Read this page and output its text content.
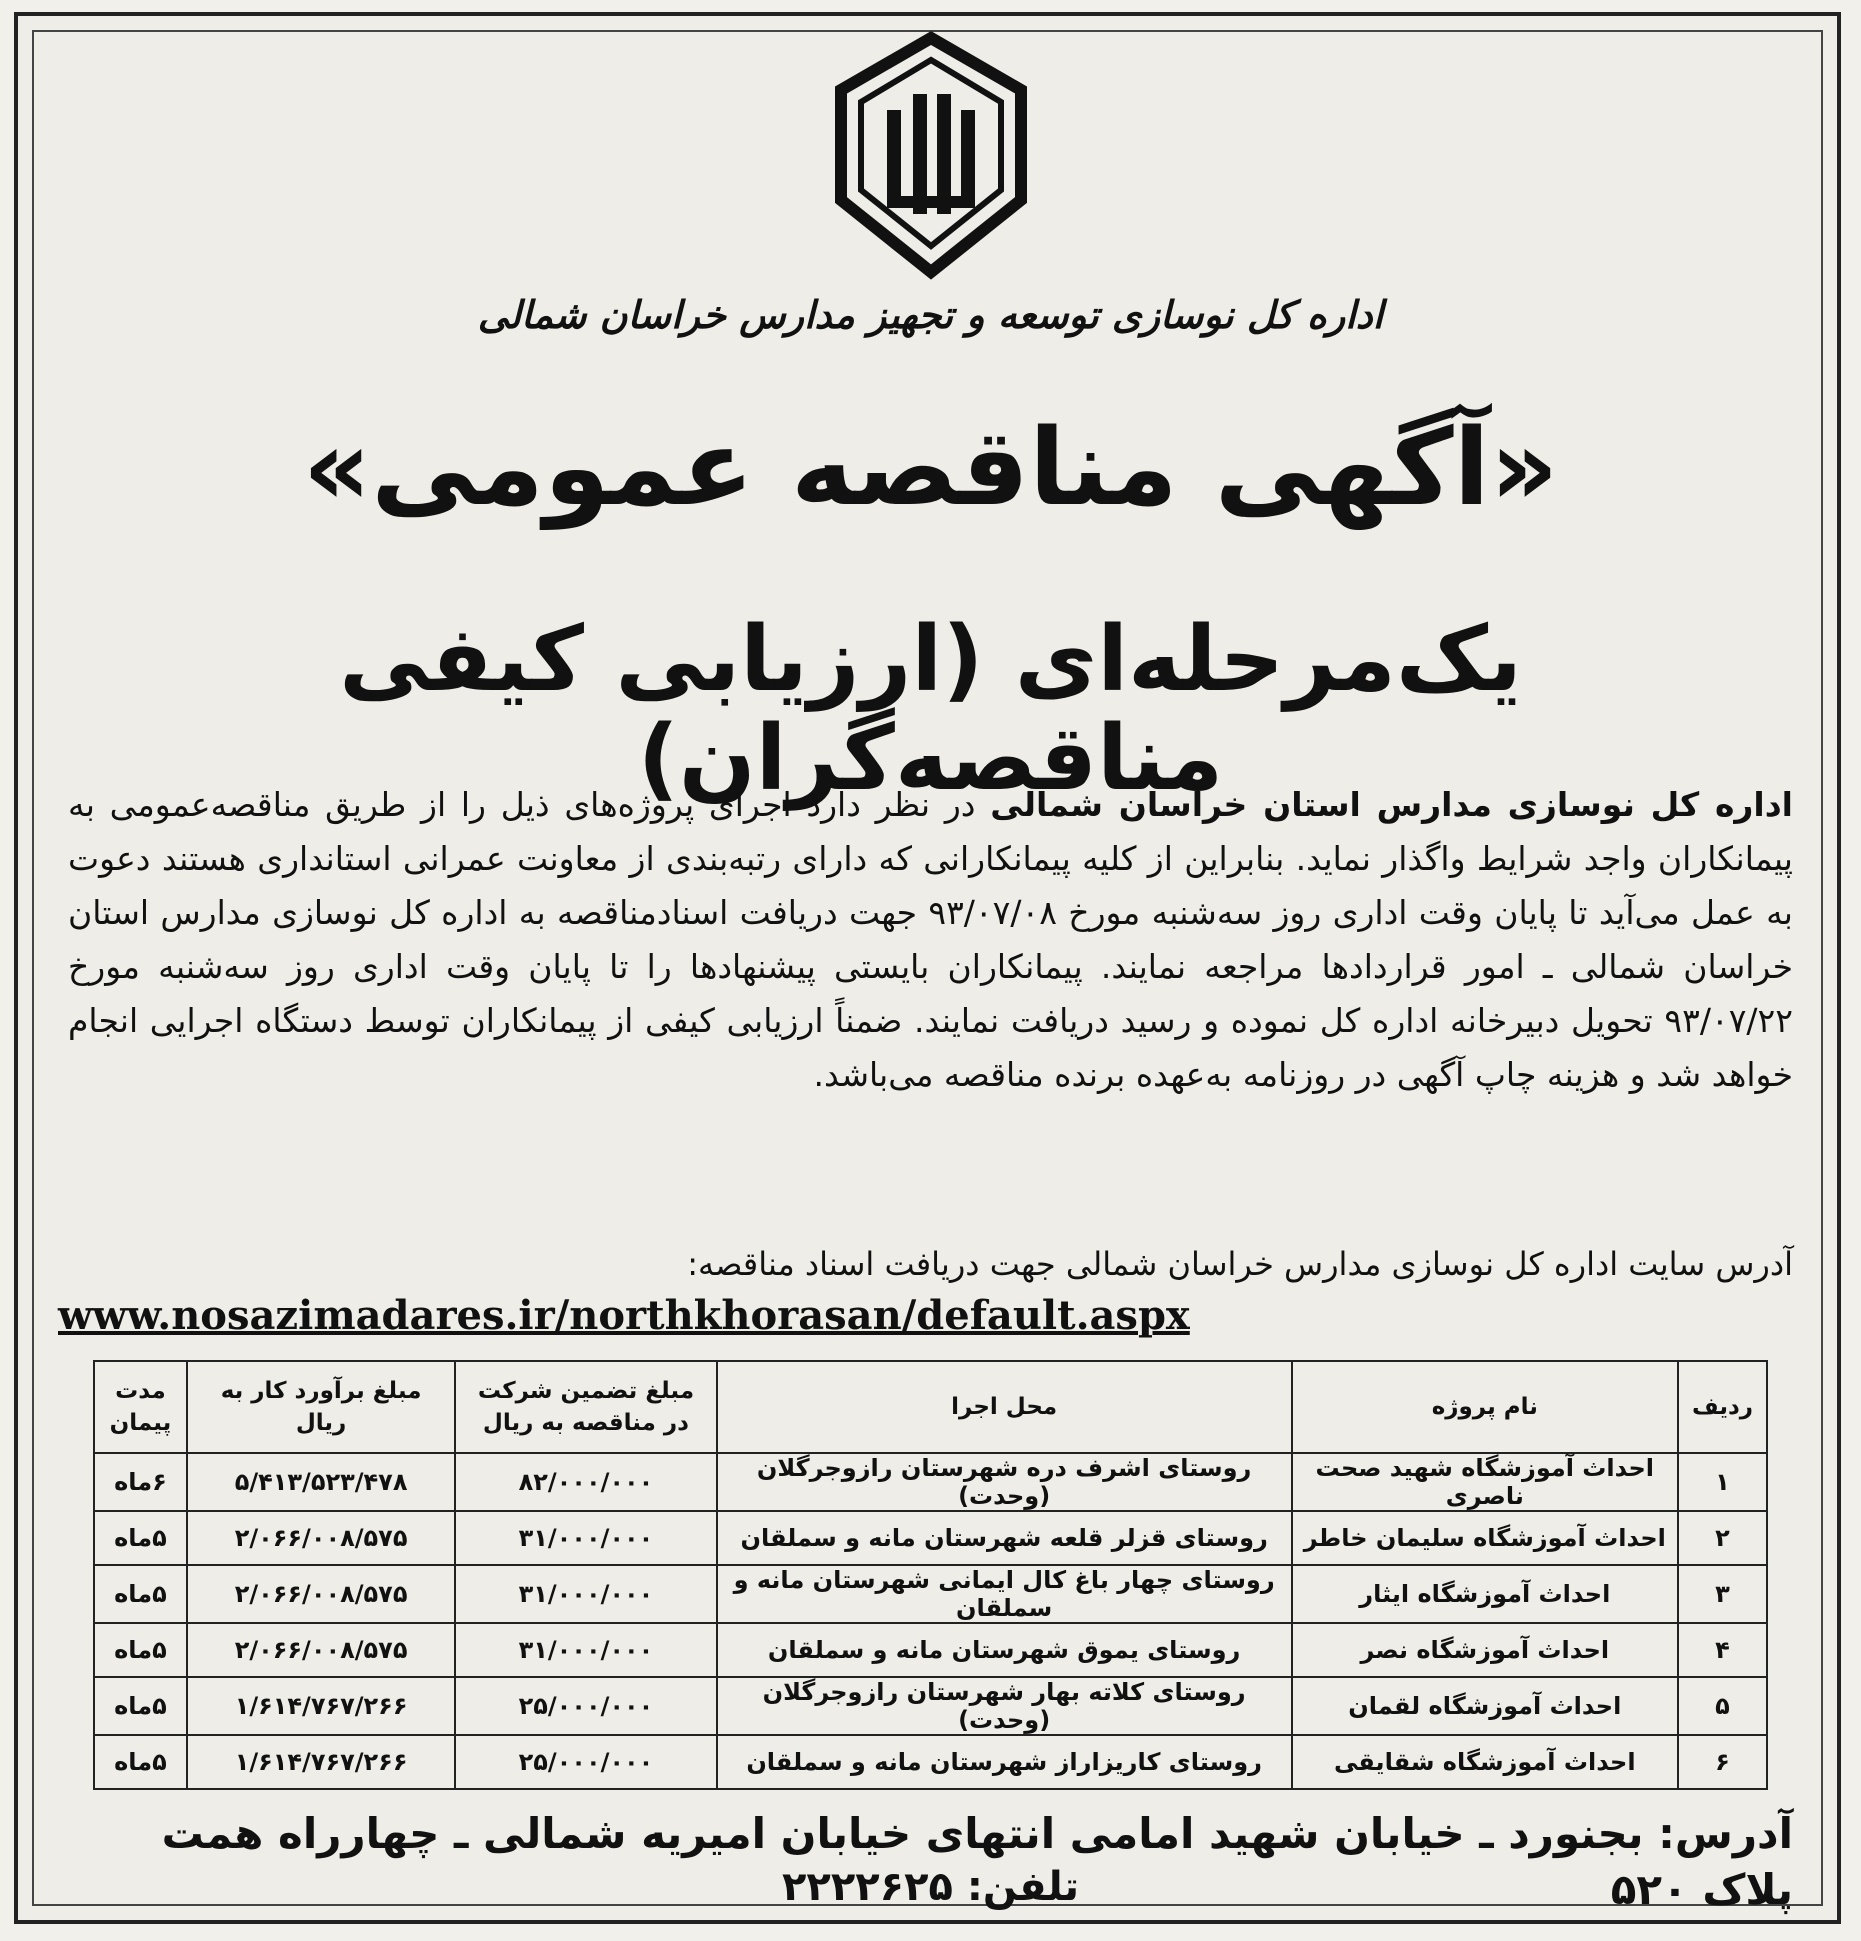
اداره کل نوسازی توسعه و تجهیز مدارس خراسان شمالی
«آگهی مناقصه عمومی»
یک‌مرحله‌ای (ارزیابی کیفی مناقصه‌گران)
اداره کل نوسازی مدارس استان خراسان شمالی در نظر دارد اجرای پروژه‌های ذیل را از طریق مناقصه‌عمومی به پیمانکاران واجد شرایط واگذار نماید. بنابراین از کلیه پیمانکارانی که دارای رتبه‌بندی از معاونت عمرانی استانداری هستند دعوت به عمل می‌آید تا پایان وقت اداری روز سه‌شنبه مورخ ۹۳/۰۷/۰۸ جهت دریافت اسنادمناقصه به اداره کل نوسازی مدارس استان خراسان شمالی ـ امور قراردادها مراجعه نمایند. پیمانکاران بایستی پیشنهادها را تا پایان وقت اداری روز سه‌شنبه مورخ ۹۳/۰۷/۲۲ تحویل دبیرخانه اداره کل نموده و رسید دریافت نمایند. ضمناً ارزیابی کیفی از پیمانکاران توسط دستگاه اجرایی انجام خواهد شد و هزینه چاپ آگهی در روزنامه به‌عهده برنده مناقصه می‌باشد.
آدرس سایت اداره کل نوسازی مدارس خراسان شمالی جهت دریافت اسناد مناقصه:
www.nosazimadares.ir/northkhorasan/default.aspx
ردیف	نام پروژه	محل اجرا	مبلغ تضمین شرکت در مناقصه به ریال	مبلغ برآورد کار به ریال	مدت پیمان
۱	احداث آموزشگاه شهید صحت ناصری	روستای اشرف دره شهرستان رازوجرگلان (وحدت)	۸۲/۰۰۰/۰۰۰	۵/۴۱۳/۵۲۳/۴۷۸	۶ماه
۲	احداث آموزشگاه سلیمان خاطر	روستای قزلر قلعه شهرستان مانه و سملقان	۳۱/۰۰۰/۰۰۰	۲/۰۶۶/۰۰۸/۵۷۵	۵ماه
۳	احداث آموزشگاه ایثار	روستای چهار باغ کال ایمانی شهرستان مانه و سملقان	۳۱/۰۰۰/۰۰۰	۲/۰۶۶/۰۰۸/۵۷۵	۵ماه
۴	احداث آموزشگاه نصر	روستای یموق شهرستان مانه و سملقان	۳۱/۰۰۰/۰۰۰	۲/۰۶۶/۰۰۸/۵۷۵	۵ماه
۵	احداث آموزشگاه لقمان	روستای کلاته بهار شهرستان رازوجرگلان (وحدت)	۲۵/۰۰۰/۰۰۰	۱/۶۱۴/۷۶۷/۲۶۶	۵ماه
۶	احداث آموزشگاه شقایقی	روستای کاریزاراز شهرستان مانه و سملقان	۲۵/۰۰۰/۰۰۰	۱/۶۱۴/۷۶۷/۲۶۶	۵ماه
آدرس: بجنورد ـ خیابان شهید امامی انتهای خیابان امیریه شمالی ـ چهارراه همت پلاک ۵۲۰
تلفن: ۲۲۲۲۶۲۵
